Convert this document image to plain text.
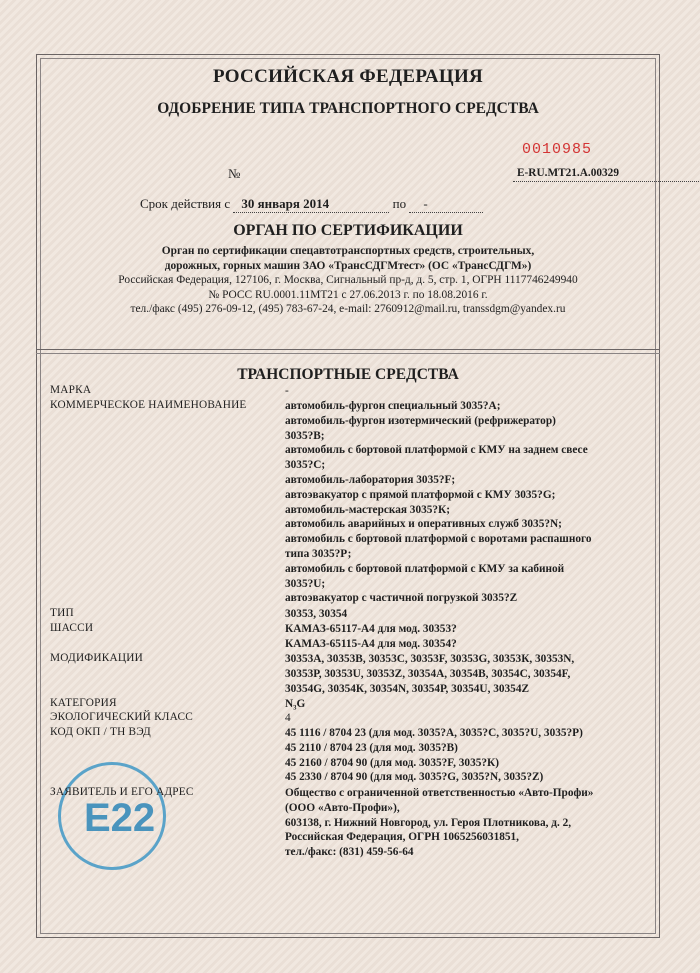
РОССИЙСКАЯ ФЕДЕРАЦИЯ
ОДОБРЕНИЕ ТИПА ТРАНСПОРТНОГО СРЕДСТВА
0010985
№	E-RU.MT21.A.00329
Срок действия с 30 января 2014	по -
ОРГАН ПО СЕРТИФИКАЦИИ
Орган по сертификации спецавтотранспортных средств, строительных,
дорожных, горных машин ЗАО «ТрансСДГМтест» (ОС «ТрансСДГМ»)
Российская Федерация, 127106, г. Москва, Сигнальный пр-д, д. 5, стр. 1, ОГРН 1117746249940
№ РОСС RU.0001.11MT21 с 27.06.2013 г. по 18.08.2016 г.
тел./факс (495) 276-09-12, (495) 783-67-24, e-mail: 2760912@mail.ru, transsdgm@yandex.ru
ТРАНСПОРТНЫЕ СРЕДСТВА
МАРКА	-
КОММЕРЧЕСКОЕ НАИМЕНОВАНИЕ	автомобиль-фургон специальный 3035?А;
автомобиль-фургон изотермический (рефрижератор)
3035?В;
автомобиль с бортовой платформой с КМУ на заднем свесе
3035?С;
автомобиль-лаборатория 3035?F;
автоэвакуатор с прямой платформой с КМУ 3035?G;
автомобиль-мастерская 3035?К;
автомобиль аварийных и оперативных служб 3035?N;
автомобиль с бортовой платформой с воротами распашного
типа 3035?Р;
автомобиль с бортовой платформой с КМУ за кабиной
3035?U;
автоэвакуатор с частичной погрузкой 3035?Z
ТИП	30353, 30354
ШАССИ	КАМАЗ-65117-А4 для мод. 30353?
КАМАЗ-65115-А4 для мод. 30354?
МОДИФИКАЦИИ	30353А, 30353В, 30353С, 30353F, 30353G, 30353К, 30353N,
30353Р, 30353U, 30353Z, 30354А, 30354В, 30354С, 30354F,
30354G, 30354К, 30354N, 30354Р, 30354U, 30354Z
КАТЕГОРИЯ	N₃G
ЭКОЛОГИЧЕСКИЙ КЛАСС	4
КОД ОКП / ТН ВЭД	45 1116 / 8704 23 (для мод. 3035?А, 3035?С, 3035?U, 3035?Р)
45 2110 / 8704 23 (для мод. 3035?В)
45 2160 / 8704 90 (для мод. 3035?F, 3035?К)
45 2330 / 8704 90 (для мод. 3035?G, 3035?N, 3035?Z)
E22
ЗАЯВИТЕЛЬ И ЕГО АДРЕС	Общество с ограниченной ответственностью «Авто-Профи»
(ООО «Авто-Профи»),
603138, г. Нижний Новгород, ул. Героя Плотникова, д. 2,
Российская Федерация, ОГРН 1065256031851,
тел./факс: (831) 459-56-64
